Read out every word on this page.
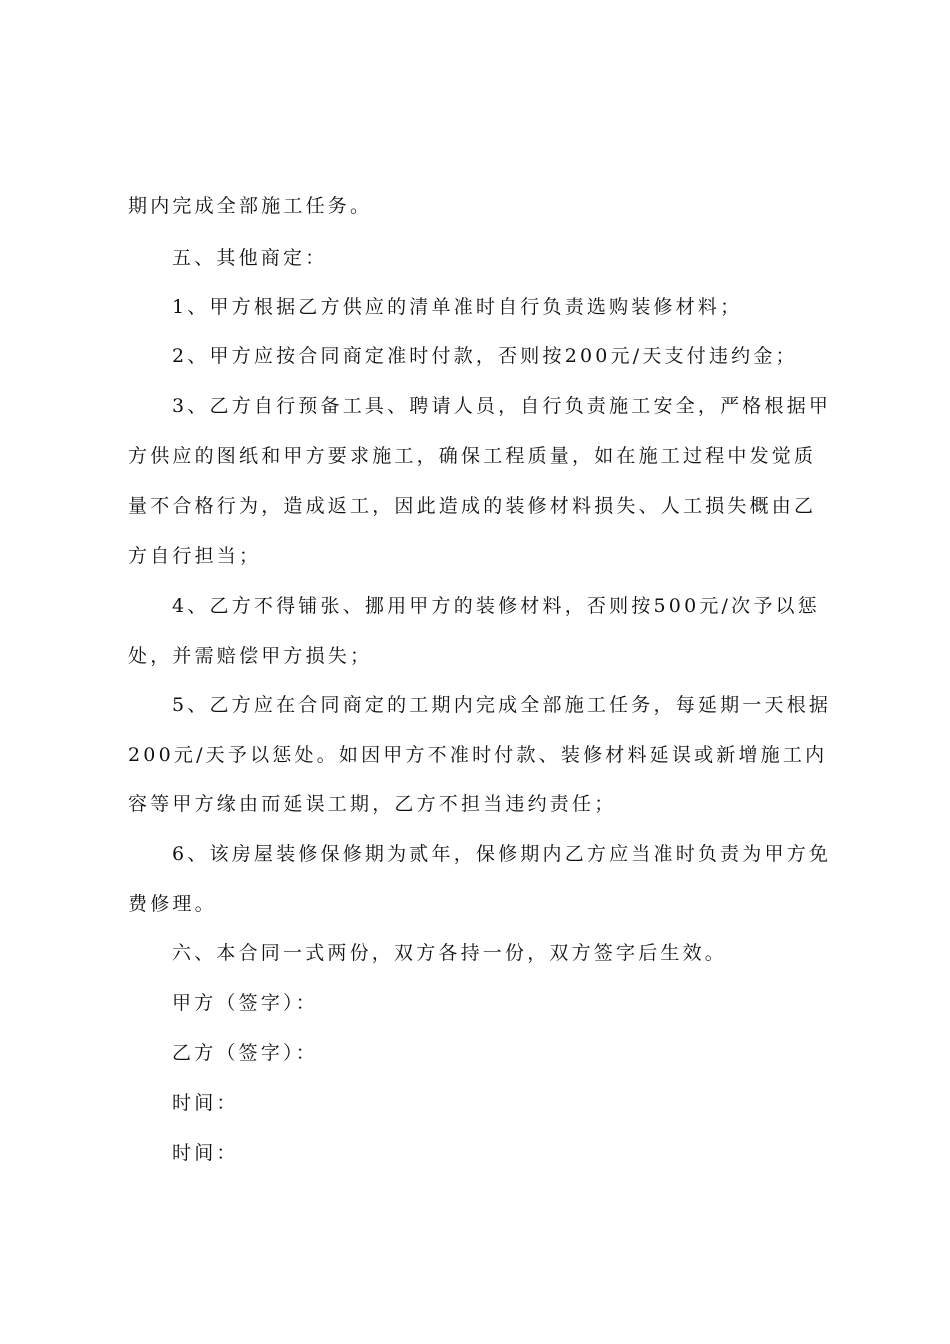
期内完成全部施工任务。
五、其他商定：
1、甲方根据乙方供应的清单准时自行负责选购装修材料；
2、甲方应按合同商定准时付款，否则按200元/天支付违约金；
3、乙方自行预备工具、聘请人员，自行负责施工安全，严格根据甲
方供应的图纸和甲方要求施工，确保工程质量，如在施工过程中发觉质
量不合格行为，造成返工，因此造成的装修材料损失、人工损失概由乙
方自行担当；
4、乙方不得铺张、挪用甲方的装修材料，否则按500元/次予以惩
处，并需赔偿甲方损失；
5、乙方应在合同商定的工期内完成全部施工任务，每延期一天根据
200元/天予以惩处。如因甲方不准时付款、装修材料延误或新增施工内
容等甲方缘由而延误工期，乙方不担当违约责任；
6、该房屋装修保修期为贰年，保修期内乙方应当准时负责为甲方免
费修理。
六、本合同一式两份，双方各持一份，双方签字后生效。
甲方（签字）：
乙方（签字）：
时间：
时间：
